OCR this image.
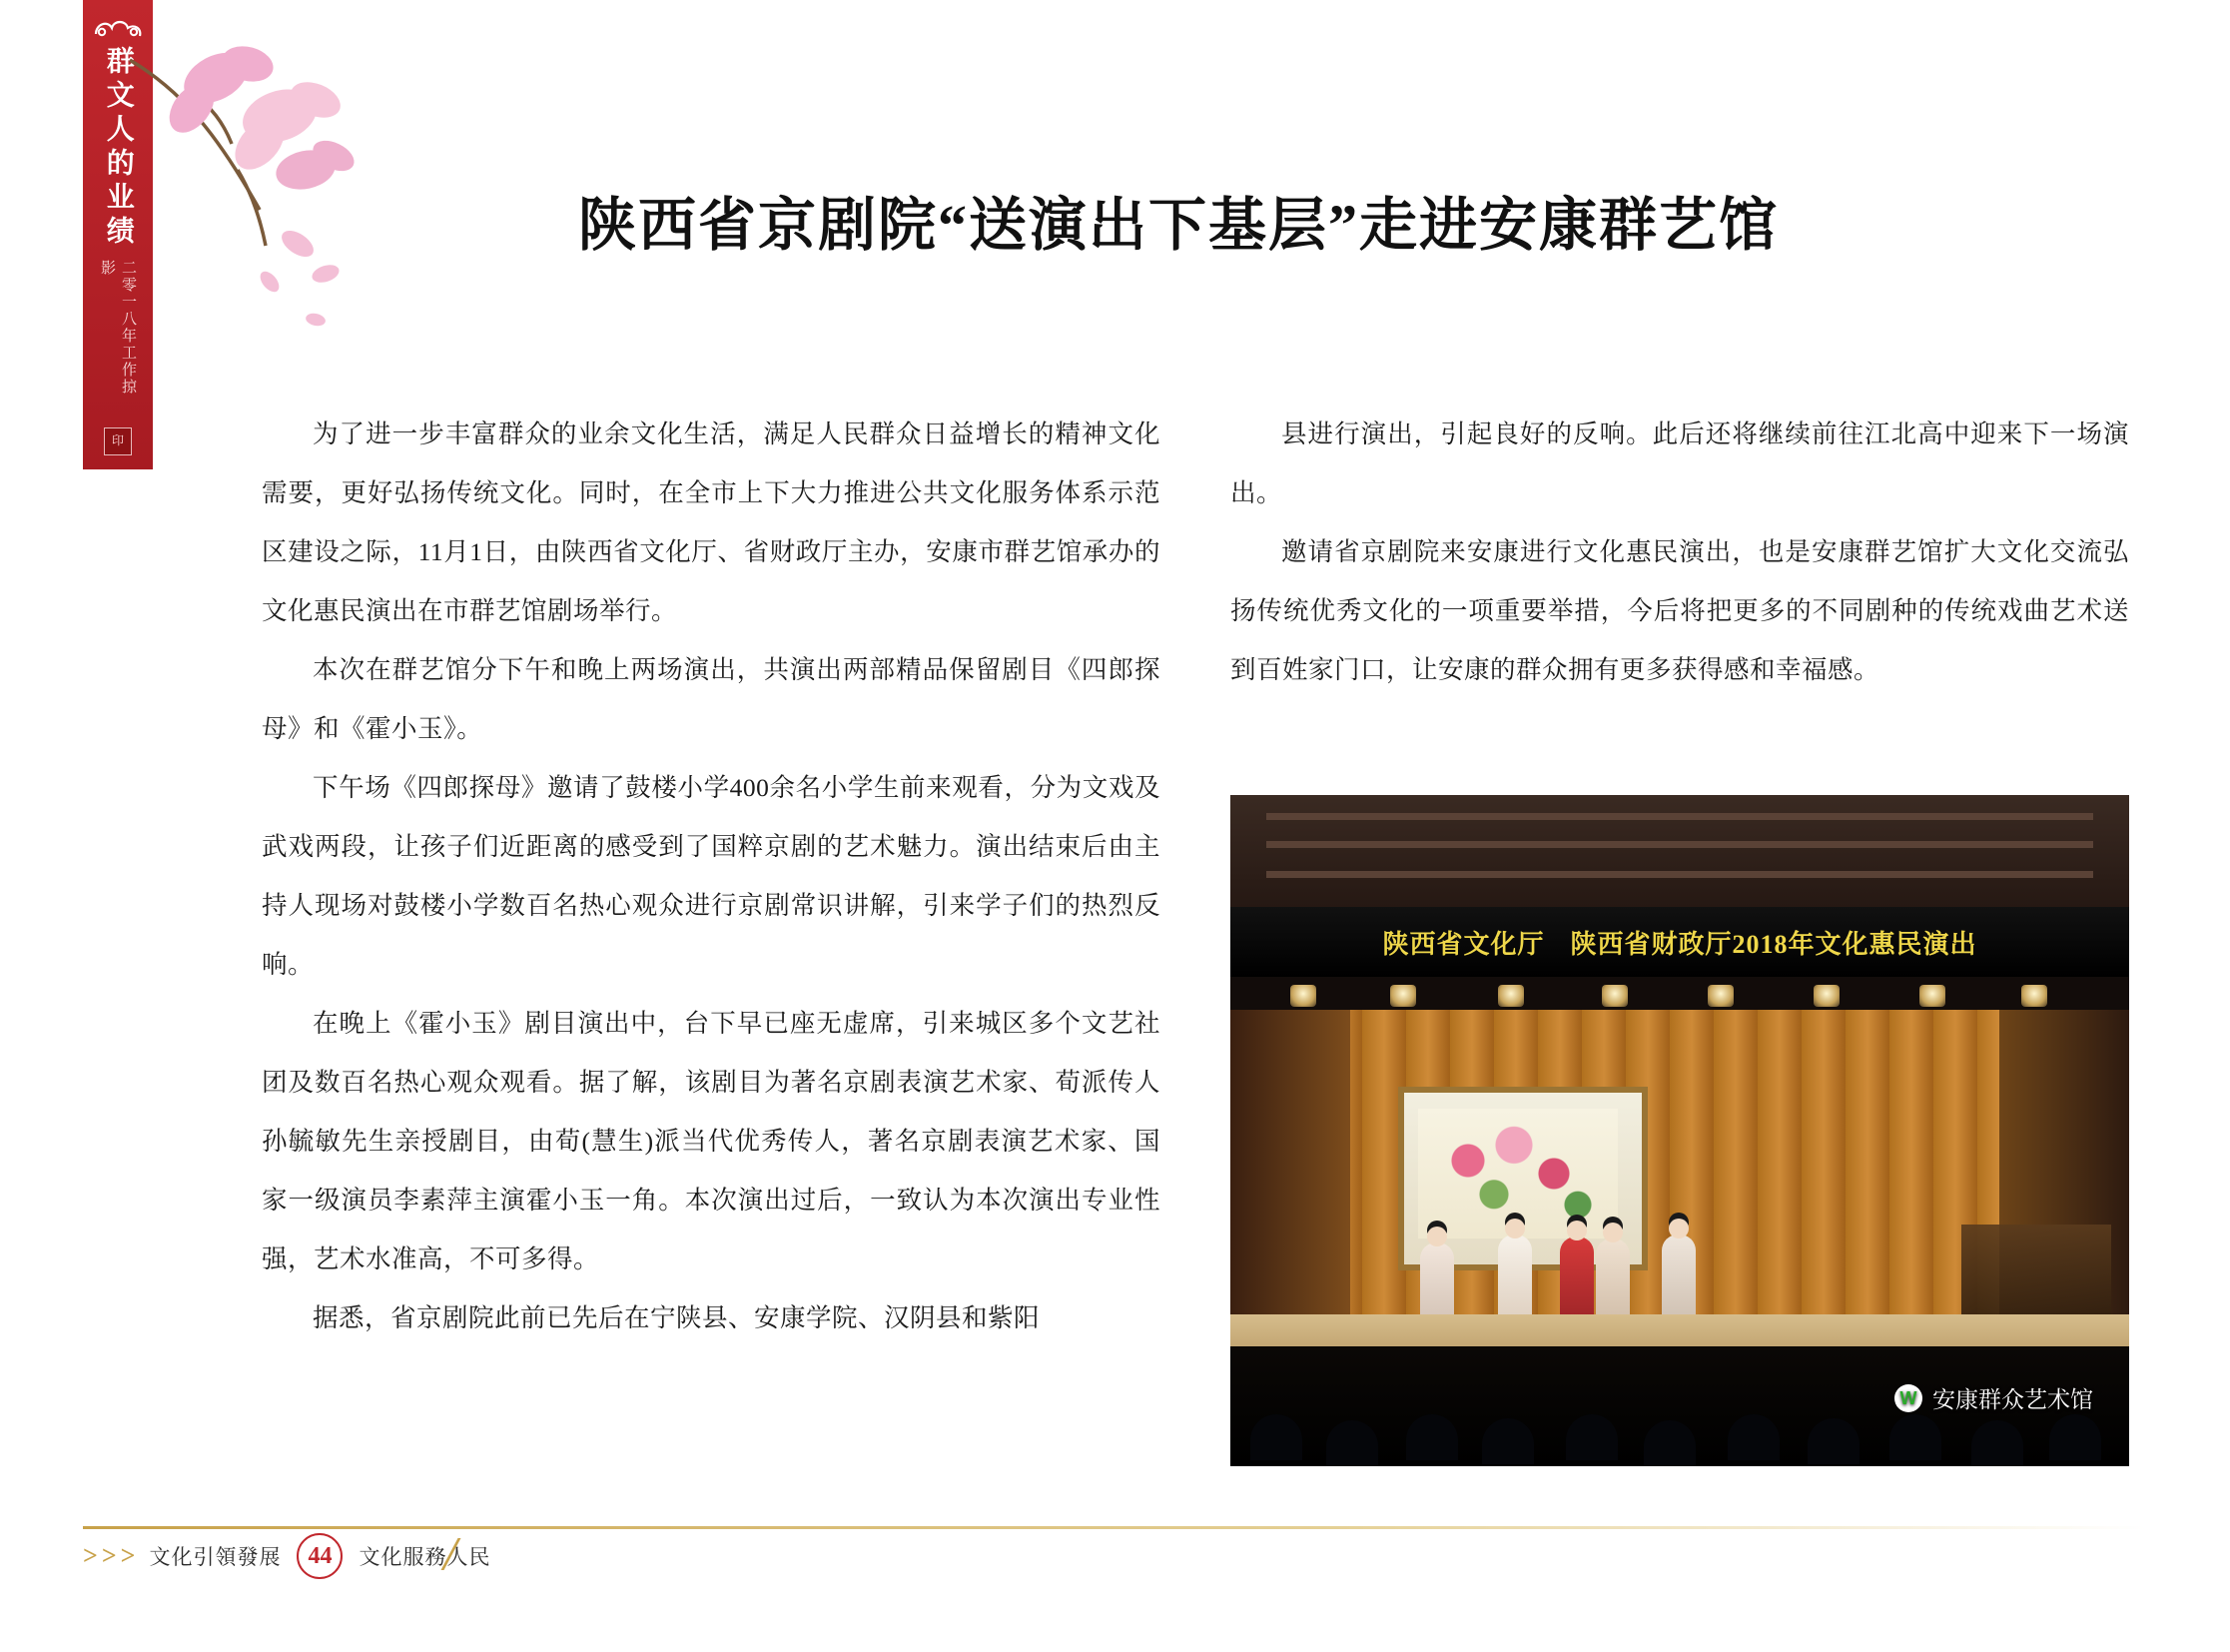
群文人的业绩
二零一八年工作掠影
印
陕西省京剧院“送演出下基层”走进安康群艺馆

为了进一步丰富群众的业余文化生活，满足人民群众日益增长的精神文化需要，更好弘扬传统文化。同时，在全市上下大力推进公共文化服务体系示范区建设之际，11月1日，由陕西省文化厅、省财政厅主办，安康市群艺馆承办的文化惠民演出在市群艺馆剧场举行。

本次在群艺馆分下午和晚上两场演出，共演出两部精品保留剧目《四郎探母》和《霍小玉》。

下午场《四郎探母》邀请了鼓楼小学400余名小学生前来观看，分为文戏及武戏两段，让孩子们近距离的感受到了国粹京剧的艺术魅力。演出结束后由主持人现场对鼓楼小学数百名热心观众进行京剧常识讲解，引来学子们的热烈反响。

在晚上《霍小玉》剧目演出中，台下早已座无虚席，引来城区多个文艺社团及数百名热心观众观看。据了解，该剧目为著名京剧表演艺术家、荀派传人孙毓敏先生亲授剧目，由荀(慧生)派当代优秀传人，著名京剧表演艺术家、国家一级演员李素萍主演霍小玉一角。本次演出过后，一致认为本次演出专业性强，艺术水准高，不可多得。

据悉，省京剧院此前已先后在宁陕县、安康学院、汉阴县和紫阳

县进行演出，引起良好的反响。此后还将继续前往江北高中迎来下一场演出。

邀请省京剧院来安康进行文化惠民演出，也是安康群艺馆扩大文化交流弘扬传统优秀文化的一项重要举措，今后将把更多的不同剧种的传统戏曲艺术送到百姓家门口，让安康的群众拥有更多获得感和幸福感。

陕西省文化厅 陕西省财政厅2018年文化惠民演出
W 安康群众艺术馆
>>> 文化引領發展	44	文化服務人民
